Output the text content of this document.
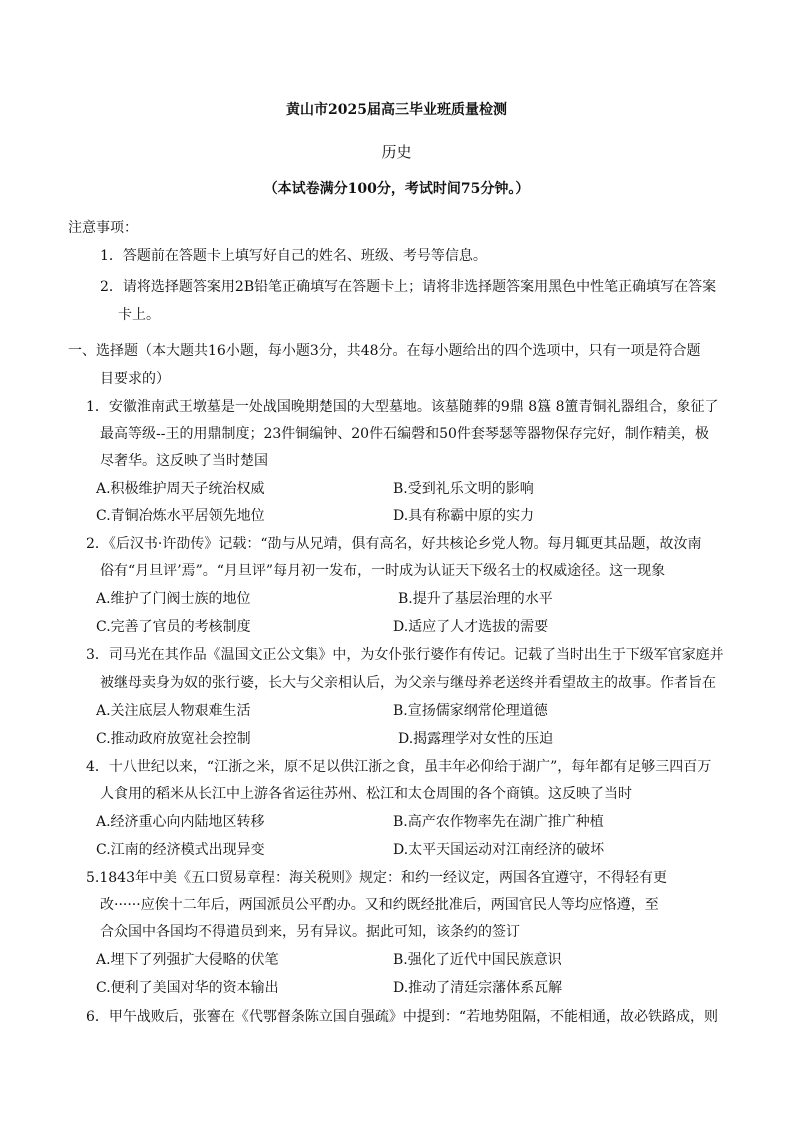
黄山市2025届高三毕业班质量检测
历史
（本试卷满分100分，考试时间75分钟。）
注意事项：
1．答题前在答题卡上填写好自己的姓名、班级、考号等信息。
2．请将选择题答案用2B铅笔正确填写在答题卡上；请将非选择题答案用黑色中性笔正确填写在答案
卡上。
一、选择题（本大题共16小题，每小题3分，共48分。在每小题给出的四个选项中，只有一项是符合题
目要求的）
1．安徽淮南武王墩墓是一处战国晚期楚国的大型墓地。该墓随葬的9鼎 8簋 8簠青铜礼器组合，象征了
最高等级--王的用鼎制度；23件铜编钟、20件石编磬和50件套琴瑟等器物保存完好，制作精美，极
尽奢华。这反映了当时楚国
A.积极维护周天子统治权威	B.受到礼乐文明的影响
C.青铜冶炼水平居领先地位	D.具有称霸中原的实力
2．《后汉书·许劭传》记载：“劭与从兄靖，俱有高名，好共核论乡党人物。每月辄更其品题，故汝南
俗有“月旦评’焉”。“月旦评”每月初一发布，一时成为认证天下级名士的权威途径。这一现象
A.维护了门阀士族的地位	B.提升了基层治理的水平
C.完善了官员的考核制度	D.适应了人才选拔的需要
3．司马光在其作品《温国文正公文集》中，为女仆张行婆作有传记。记载了当时出生于下级军官家庭并
被继母卖身为奴的张行婆，长大与父亲相认后，为父亲与继母养老送终并看望故主的故事。作者旨在
A.关注底层人物艰难生活	B.宣扬儒家纲常伦理道德
C.推动政府放宽社会控制	D.揭露理学对女性的压迫
4．十八世纪以来，“江浙之米，原不足以供江浙之食，虽丰年必仰给于湖广”，每年都有足够三四百万
人食用的稻米从长江中上游各省运往苏州、松江和太仓周围的各个商镇。这反映了当时
A.经济重心向内陆地区转移	B.高产农作物率先在湖广推广种植
C.江南的经济模式出现异变	D.太平天国运动对江南经济的破坏
5.1843年中美《五口贸易章程：海关税则》规定：和约一经议定，两国各宜遵守，不得轻有更
改······应俟十二年后，两国派员公平酌办。又和约既经批准后，两国官民人等均应恪遵，至
合众国中各国均不得遣员到来，另有异议。据此可知，该条约的签订
A.埋下了列强扩大侵略的伏笔	B.强化了近代中国民族意识
C.便利了美国对华的资本输出	D.推动了清廷宗藩体系瓦解
6．甲午战败后，张謇在《代鄂督条陈立国自强疏》中提到：“若地势阻隔，不能相通，故必铁路成，则
